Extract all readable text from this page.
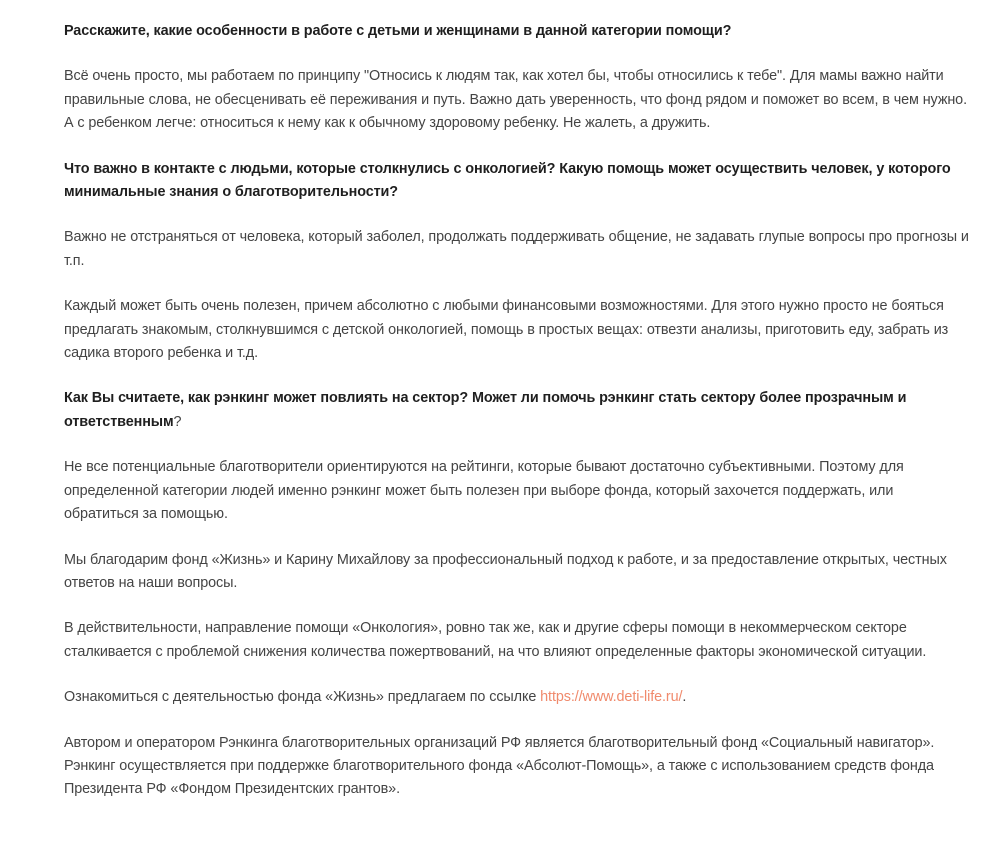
Расскажите, какие особенности в работе с детьми и женщинами в данной категории помощи?

Всё очень просто, мы работаем по принципу "Относись к людям так, как хотел бы, чтобы относились к тебе". Для мамы важно найти правильные слова, не обесценивать её переживания и путь. Важно дать уверенность, что фонд рядом и поможет во всем, в чем нужно. А с ребенком легче: относиться к нему как к обычному здоровому ребенку. Не жалеть, а дружить.

Что важно в контакте с людьми, которые столкнулись с онкологией? Какую помощь может осуществить человек, у которого минимальные знания о благотворительности?

Важно не отстраняться от человека, который заболел, продолжать поддерживать общение, не задавать глупые вопросы про прогнозы и т.п.

Каждый может быть очень полезен, причем абсолютно с любыми финансовыми возможностями. Для этого нужно просто не бояться предлагать знакомым, столкнувшимся с детской онкологией, помощь в простых вещах: отвезти анализы, приготовить еду, забрать из садика второго ребенка и т.д.

Как Вы считаете, как рэнкинг может повлиять на сектор? Может ли помочь рэнкинг стать сектору более прозрачным и ответственным?

Не все потенциальные благотворители ориентируются на рейтинги, которые бывают достаточно субъективными. Поэтому для определенной категории людей именно рэнкинг может быть полезен при выборе фонда, который захочется поддержать, или обратиться за помощью.

Мы благодарим фонд «Жизнь» и Карину Михайлову за профессиональный подход к работе, и за предоставление открытых, честных ответов на наши вопросы.

В действительности, направление помощи «Онкология», ровно так же, как и другие сферы помощи в некоммерческом секторе сталкивается с проблемой снижения количества пожертвований, на что влияют определенные факторы экономической ситуации.

Ознакомиться с деятельностью фонда «Жизнь» предлагаем по ссылке https://www.deti-life.ru/.

Автором и оператором Рэнкинга благотворительных организаций РФ является благотворительный фонд «Социальный навигатор». Рэнкинг осуществляется при поддержке благотворительного фонда «Абсолют-Помощь», а также с использованием средств фонда Президента РФ «Фондом Президентских грантов».
